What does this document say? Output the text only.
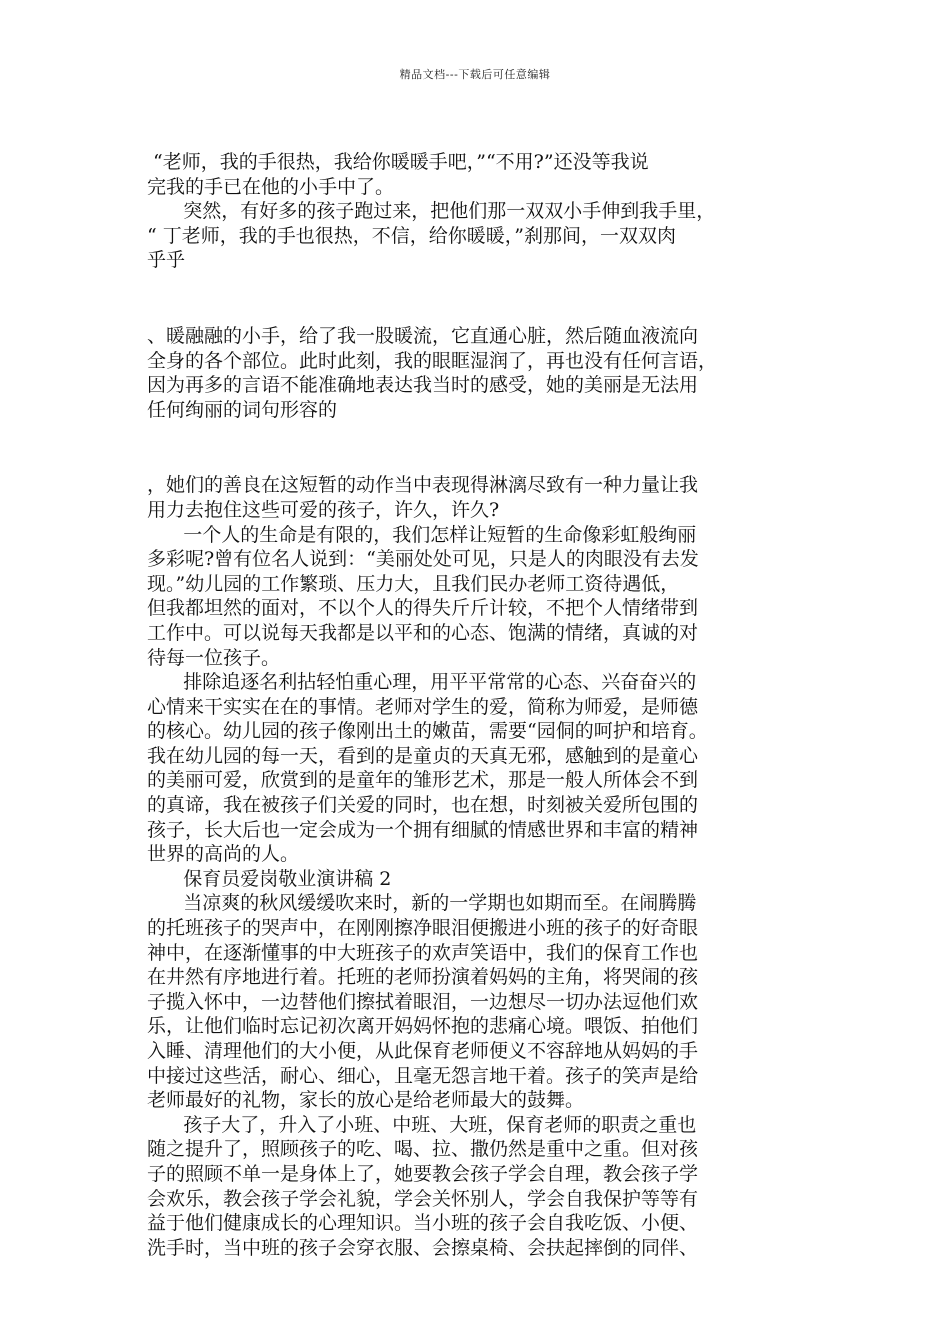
精品文档---下载后可任意编辑
“老师，我的手很热，我给你暖暖手吧，”“不用?”还没等我说
完我的手已在他的小手中了。
突然，有好多的孩子跑过来，把他们那一双双小手伸到我手里，
“ 丁老师，我的手也很热，不信，给你暖暖，”刹那间，一双双肉
乎乎
、暖融融的小手，给了我一股暖流，它直通心脏，然后随血液流向
全身的各个部位。此时此刻，我的眼眶湿润了，再也没有任何言语，
因为再多的言语不能准确地表达我当时的感受，她的美丽是无法用
任何绚丽的词句形容的
，她们的善良在这短暂的动作当中表现得淋漓尽致有一种力量让我
用力去抱住这些可爱的孩子，许久，许久?
一个人的生命是有限的，我们怎样让短暂的生命像彩虹般绚丽
多彩呢?曾有位名人说到：“美丽处处可见，只是人的肉眼没有去发
现。”幼儿园的工作繁琐、压力大，且我们民办老师工资待遇低，
但我都坦然的面对，不以个人的得失斤斤计较，不把个人情绪带到
工作中。可以说每天我都是以平和的心态、饱满的情绪，真诚的对
待每一位孩子。
排除追逐名利拈轻怕重心理，用平平常常的心态、兴奋奋兴的
心情来干实实在在的事情。老师对学生的爱，简称为师爱，是师德
的核心。幼儿园的孩子像刚出土的嫩苗，需要“园侗的呵护和培育。
我在幼儿园的每一天，看到的是童贞的天真无邪，感触到的是童心
的美丽可爱，欣赏到的是童年的雏形艺术，那是一般人所体会不到
的真谛，我在被孩子们关爱的同时，也在想，时刻被关爱所包围的
孩子，长大后也一定会成为一个拥有细腻的情感世界和丰富的精神
世界的高尚的人。
保育员爱岗敬业演讲稿 2
当凉爽的秋风缓缓吹来时，新的一学期也如期而至。在闹腾腾
的托班孩子的哭声中，在刚刚擦净眼泪便搬进小班的孩子的好奇眼
神中，在逐渐懂事的中大班孩子的欢声笑语中，我们的保育工作也
在井然有序地进行着。托班的老师扮演着妈妈的主角，将哭闹的孩
子揽入怀中，一边替他们擦拭着眼泪，一边想尽一切办法逗他们欢
乐，让他们临时忘记初次离开妈妈怀抱的悲痛心境。喂饭、拍他们
入睡、清理他们的大小便，从此保育老师便义不容辞地从妈妈的手
中接过这些活，耐心、细心，且毫无怨言地干着。孩子的笑声是给
老师最好的礼物，家长的放心是给老师最大的鼓舞。
孩子大了，升入了小班、中班、大班，保育老师的职责之重也
随之提升了，照顾孩子的吃、喝、拉、撒仍然是重中之重。但对孩
子的照顾不单一是身体上了，她要教会孩子学会自理，教会孩子学
会欢乐，教会孩子学会礼貌，学会关怀别人，学会自我保护等等有
益于他们健康成长的心理知识。当小班的孩子会自我吃饭、小便、
洗手时，当中班的孩子会穿衣服、会擦桌椅、会扶起摔倒的同伴、
